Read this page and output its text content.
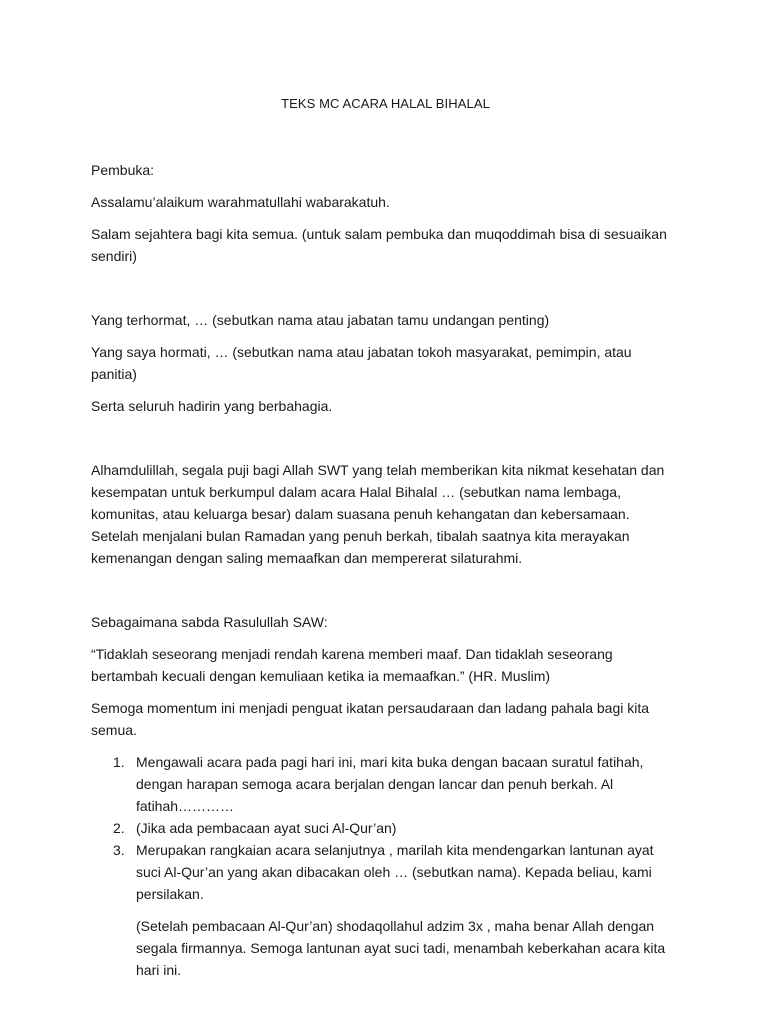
TEKS MC ACARA HALAL BIHALAL

Pembuka:

Assalamu’alaikum warahmatullahi wabarakatuh.

Salam sejahtera bagi kita semua. (untuk salam pembuka dan muqoddimah bisa di sesuaikan sendiri)

Yang terhormat, … (sebutkan nama atau jabatan tamu undangan penting)

Yang saya hormati, … (sebutkan nama atau jabatan tokoh masyarakat, pemimpin, atau panitia)

Serta seluruh hadirin yang berbahagia.

Alhamdulillah, segala puji bagi Allah SWT yang telah memberikan kita nikmat kesehatan dan kesempatan untuk berkumpul dalam acara Halal Bihalal … (sebutkan nama lembaga, komunitas, atau keluarga besar) dalam suasana penuh kehangatan dan kebersamaan. Setelah menjalani bulan Ramadan yang penuh berkah, tibalah saatnya kita merayakan kemenangan dengan saling memaafkan dan mempererat silaturahmi.

Sebagaimana sabda Rasulullah SAW:

“Tidaklah seseorang menjadi rendah karena memberi maaf. Dan tidaklah seseorang bertambah kecuali dengan kemuliaan ketika ia memaafkan.” (HR. Muslim)

Semoga momentum ini menjadi penguat ikatan persaudaraan dan ladang pahala bagi kita semua.

1. Mengawali acara pada pagi hari ini, mari kita buka dengan bacaan suratul fatihah, dengan harapan semoga acara berjalan dengan lancar dan penuh berkah. Al fatihah…………
2. (Jika ada pembacaan ayat suci Al-Qur’an)
3. Merupakan rangkaian acara selanjutnya , marilah kita mendengarkan lantunan ayat suci Al-Qur’an yang akan dibacakan oleh … (sebutkan nama). Kepada beliau, kami persilakan.

(Setelah pembacaan Al-Qur’an) shodaqollahul adzim 3x , maha benar Allah dengan segala firmannya. Semoga lantunan ayat suci tadi, menambah keberkahan acara kita hari ini.
